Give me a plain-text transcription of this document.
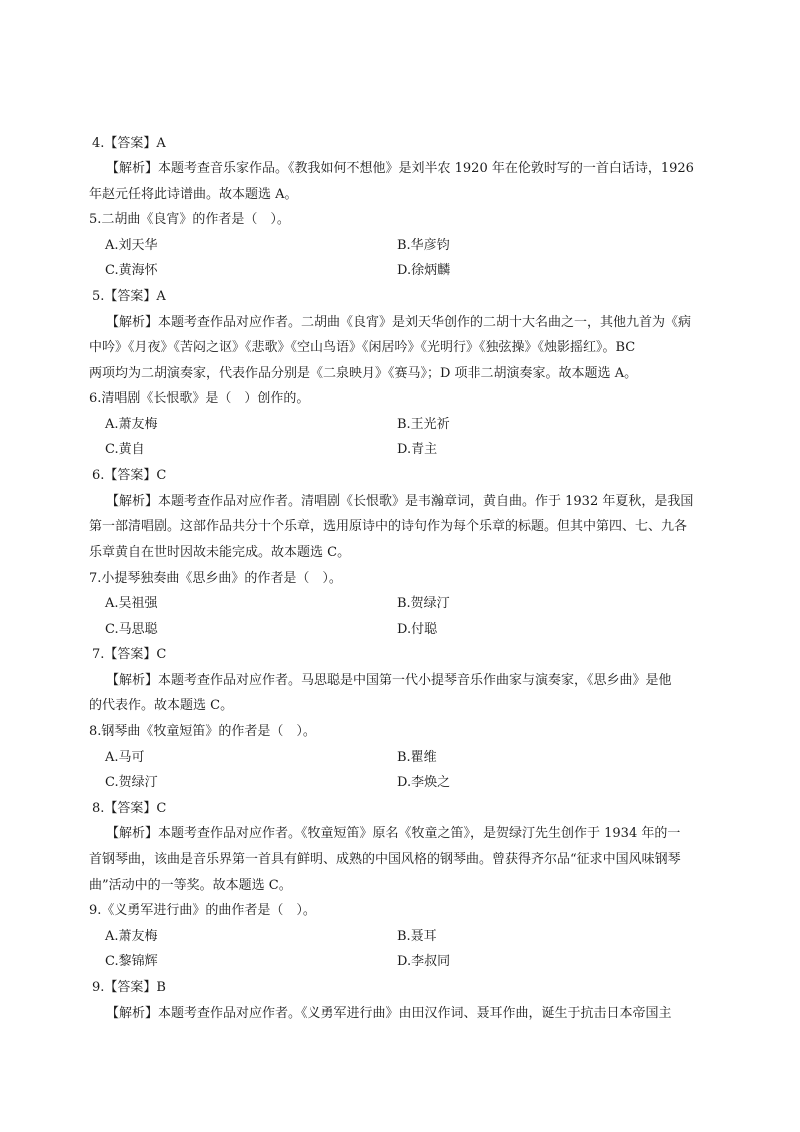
4.【答案】A
【解析】本题考查音乐家作品。《教我如何不想他》是刘半农 1920 年在伦敦时写的一首白话诗，1926
年赵元任将此诗谱曲。故本题选 A。
5.二胡曲《良宵》的作者是（　）。
A.刘天华	B.华彦钧
C.黄海怀	D.徐炳麟
5.【答案】A
【解析】本题考查作品对应作者。二胡曲《良宵》是刘天华创作的二胡十大名曲之一，其他九首为《病
中吟》《月夜》《苦闷之讴》《悲歌》《空山鸟语》《闲居吟》《光明行》《独弦操》《烛影摇红》。BC
两项均为二胡演奏家，代表作品分别是《二泉映月》《赛马》；D 项非二胡演奏家。故本题选 A。
6.清唱剧《长恨歌》是（　）创作的。
A.萧友梅	B.王光祈
C.黄自	D.青主
6.【答案】C
【解析】本题考查作品对应作者。清唱剧《长恨歌》是韦瀚章词，黄自曲。作于 1932 年夏秋，是我国
第一部清唱剧。这部作品共分十个乐章，选用原诗中的诗句作为每个乐章的标题。但其中第四、七、九各
乐章黄自在世时因故未能完成。故本题选 C。
7.小提琴独奏曲《思乡曲》的作者是（　）。
A.吴祖强	B.贺绿汀
C.马思聪	D.付聪
7.【答案】C
【解析】本题考查作品对应作者。马思聪是中国第一代小提琴音乐作曲家与演奏家，《思乡曲》是他
的代表作。故本题选 C。
8.钢琴曲《牧童短笛》的作者是（　）。
A.马可	B.瞿维
C.贺绿汀	D.李焕之
8.【答案】C
【解析】本题考查作品对应作者。《牧童短笛》原名《牧童之笛》，是贺绿汀先生创作于 1934 年的一
首钢琴曲，该曲是音乐界第一首具有鲜明、成熟的中国风格的钢琴曲。曾获得齐尔品“征求中国风味钢琴
曲”活动中的一等奖。故本题选 C。
9.《义勇军进行曲》的曲作者是（　）。
A.萧友梅	B.聂耳
C.黎锦辉	D.李叔同
9.【答案】B
【解析】本题考查作品对应作者。《义勇军进行曲》由田汉作词、聂耳作曲，诞生于抗击日本帝国主
